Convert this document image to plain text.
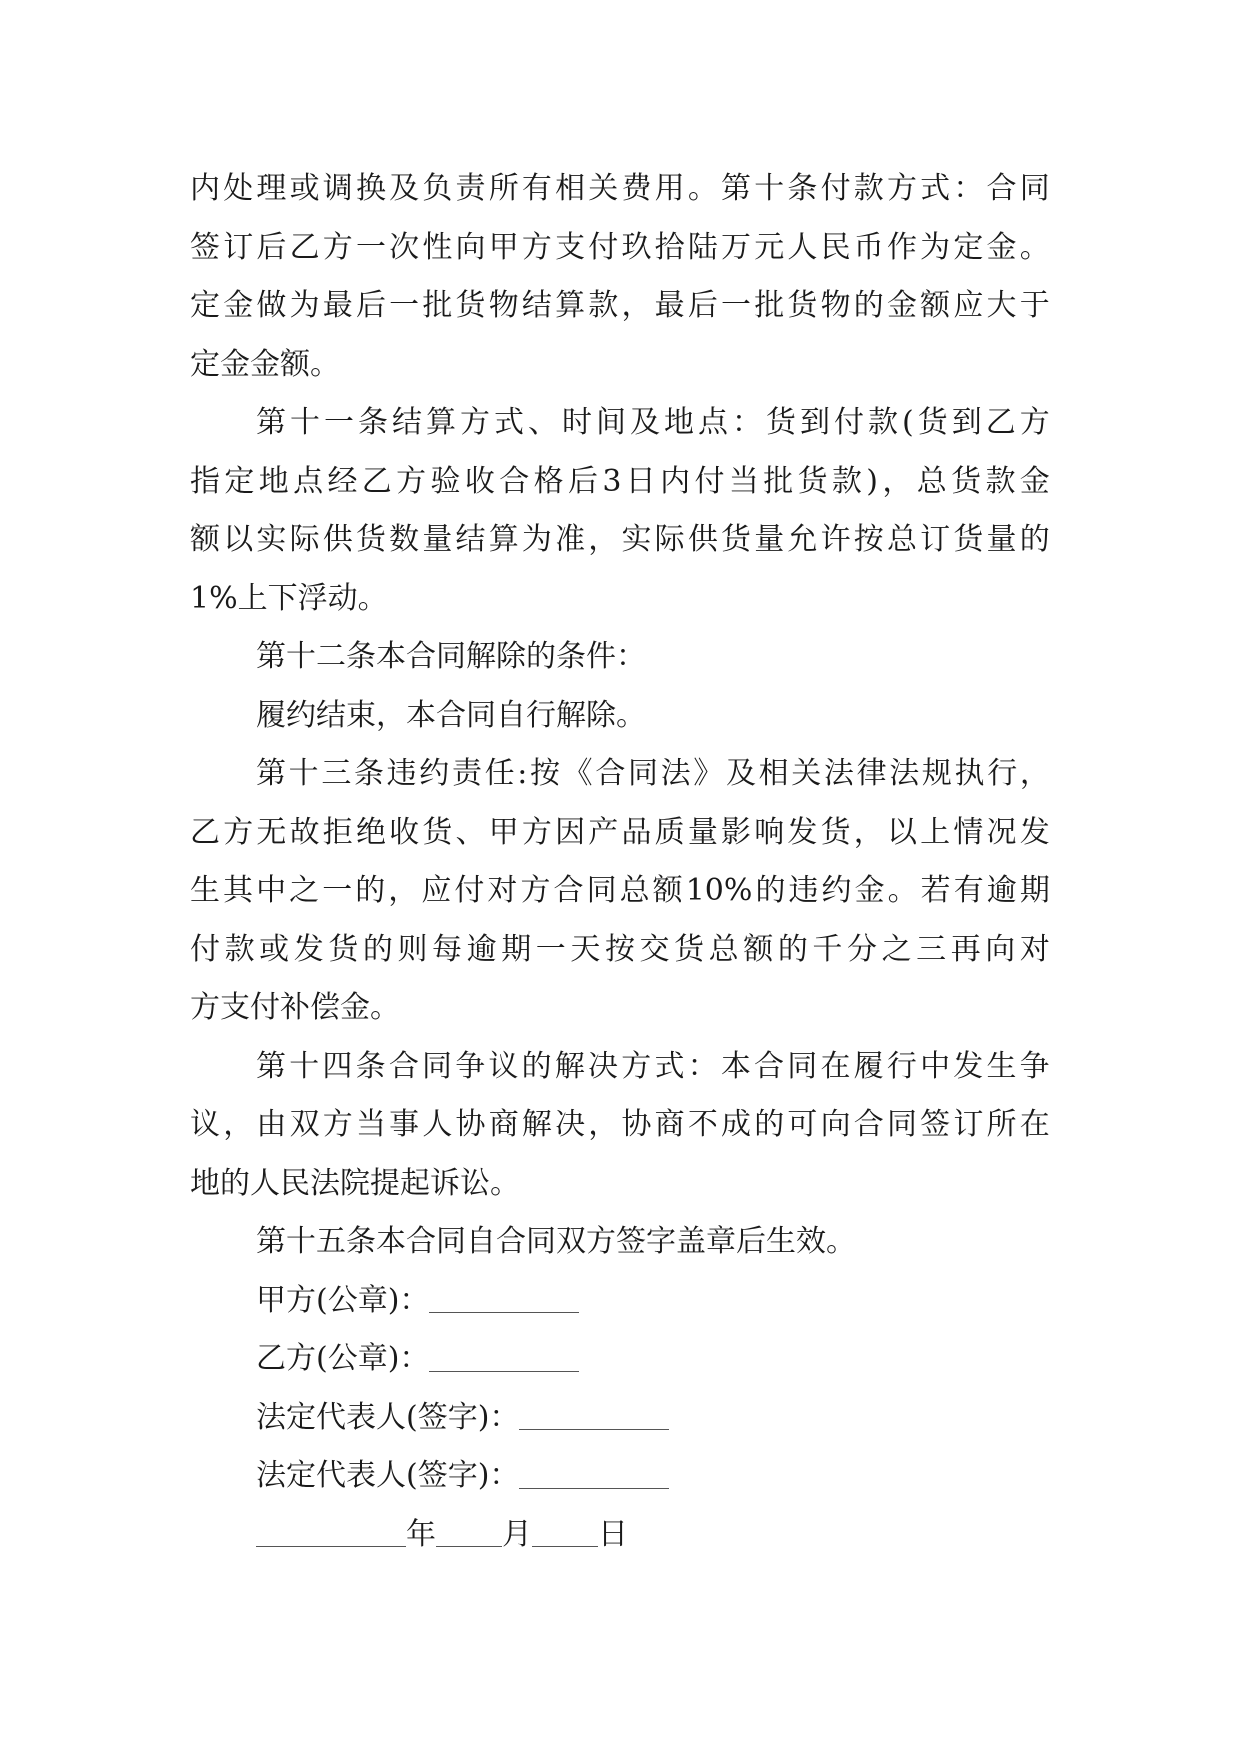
内 处 理 或 调 换 及 负 责 所 有 相 关 费 用 。 第 十 条 付 款 方 式 ： 合 同
签 订 后 乙 方 一 次 性 向 甲 方 支 付 玖 拾 陆 万 元 人 民 币 作 为 定 金 。
定 金 做 为 最 后 一 批 货 物 结 算 款 ， 最 后 一 批 货 物 的 金 额 应 大 于
定金金额。
第 十 一 条 结 算 方 式 、 时 间 及 地 点 ： 货 到 付 款 ( 货 到 乙 方
指 定 地 点 经 乙 方 验 收 合 格 后 3 日 内 付 当 批 货 款 ) ， 总 货 款 金
额 以 实 际 供 货 数 量 结 算 为 准 ， 实 际 供 货 量 允 许 按 总 订 货 量 的
1%上下浮动。
第十二条本合同解除的条件：
履约结束，本合同自行解除。
第 十 三 条 违 约 责 任 : 按 《 合 同 法 》 及 相 关 法 律 法 规 执 行 ，
乙 方 无 故 拒 绝 收 货 、 甲 方 因 产 品 质 量 影 响 发 货 ， 以 上 情 况 发
生 其 中 之 一 的 ， 应 付 对 方 合 同 总 额 10% 的 违 约 金 。 若 有 逾 期
付 款 或 发 货 的 则 每 逾 期 一 天 按 交 货 总 额 的 千 分 之 三 再 向 对
方支付补偿金。
第 十 四 条 合 同 争 议 的 解 决 方 式 ： 本 合 同 在 履 行 中 发 生 争
议 ， 由 双 方 当 事 人 协 商 解 决 ， 协 商 不 成 的 可 向 合 同 签 订 所 在
地的人民法院提起诉讼。
第十五条本合同自合同双方签字盖章后生效。
甲方(公章)：
乙方(公章)：
法定代表人(签字)：
法定代表人(签字)：
年 月 日
